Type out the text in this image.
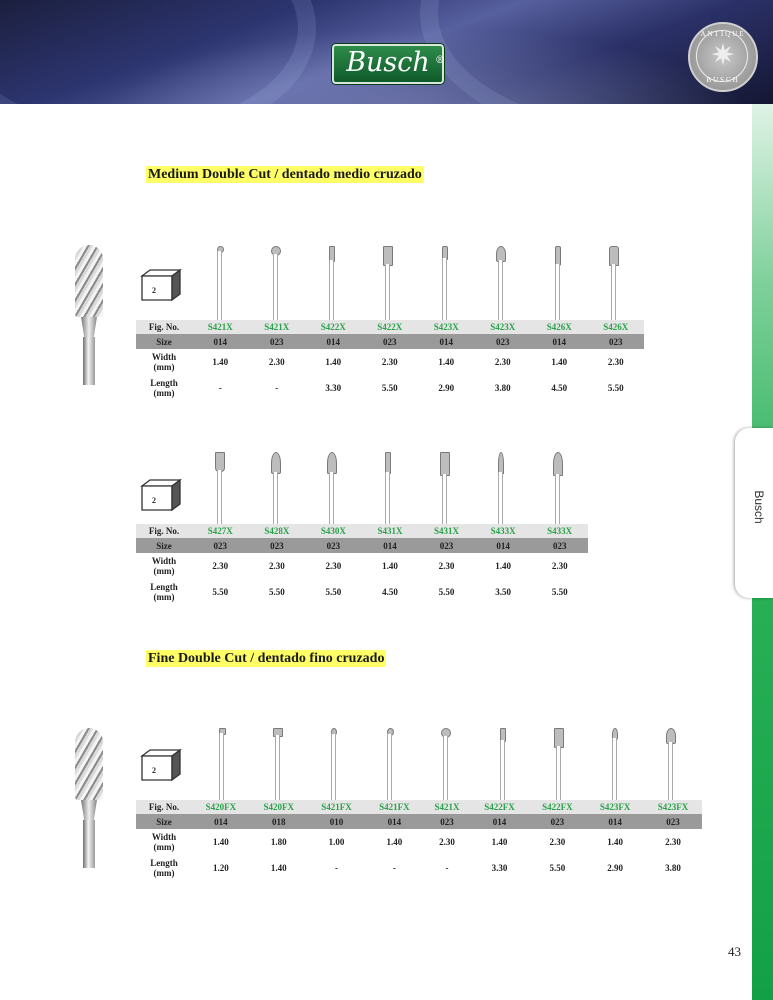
Busch ®
ANTIQUE
✷
BUSCH
Busch
Medium Double Cut / dentado medio cruzado
Fine Double Cut / dentado fino cruzado
2
2
2
Fig. No.	S421X	S421X	S422X	S422X	S423X	S423X	S426X	S426X
Size	014	023	014	023	014	023	014	023
Width
(mm)	1.40	2.30	1.40	2.30	1.40	2.30	1.40	2.30
Length
(mm)	-	-	3.30	5.50	2.90	3.80	4.50	5.50
Fig. No.	S427X	S428X	S430X	S431X	S431X	S433X	S433X
Size	023	023	023	014	023	014	023
Width
(mm)	2.30	2.30	2.30	1.40	2.30	1.40	2.30
Length
(mm)	5.50	5.50	5.50	4.50	5.50	3.50	5.50
Fig. No.	S420FX	S420FX	S421FX	S421FX	S421X	S422FX	S422FX	S423FX	S423FX
Size	014	018	010	014	023	014	023	014	023
Width
(mm)	1.40	1.80	1.00	1.40	2.30	1.40	2.30	1.40	2.30
Length
(mm)	1.20	1.40	-	-	-	3.30	5.50	2.90	3.80
43
